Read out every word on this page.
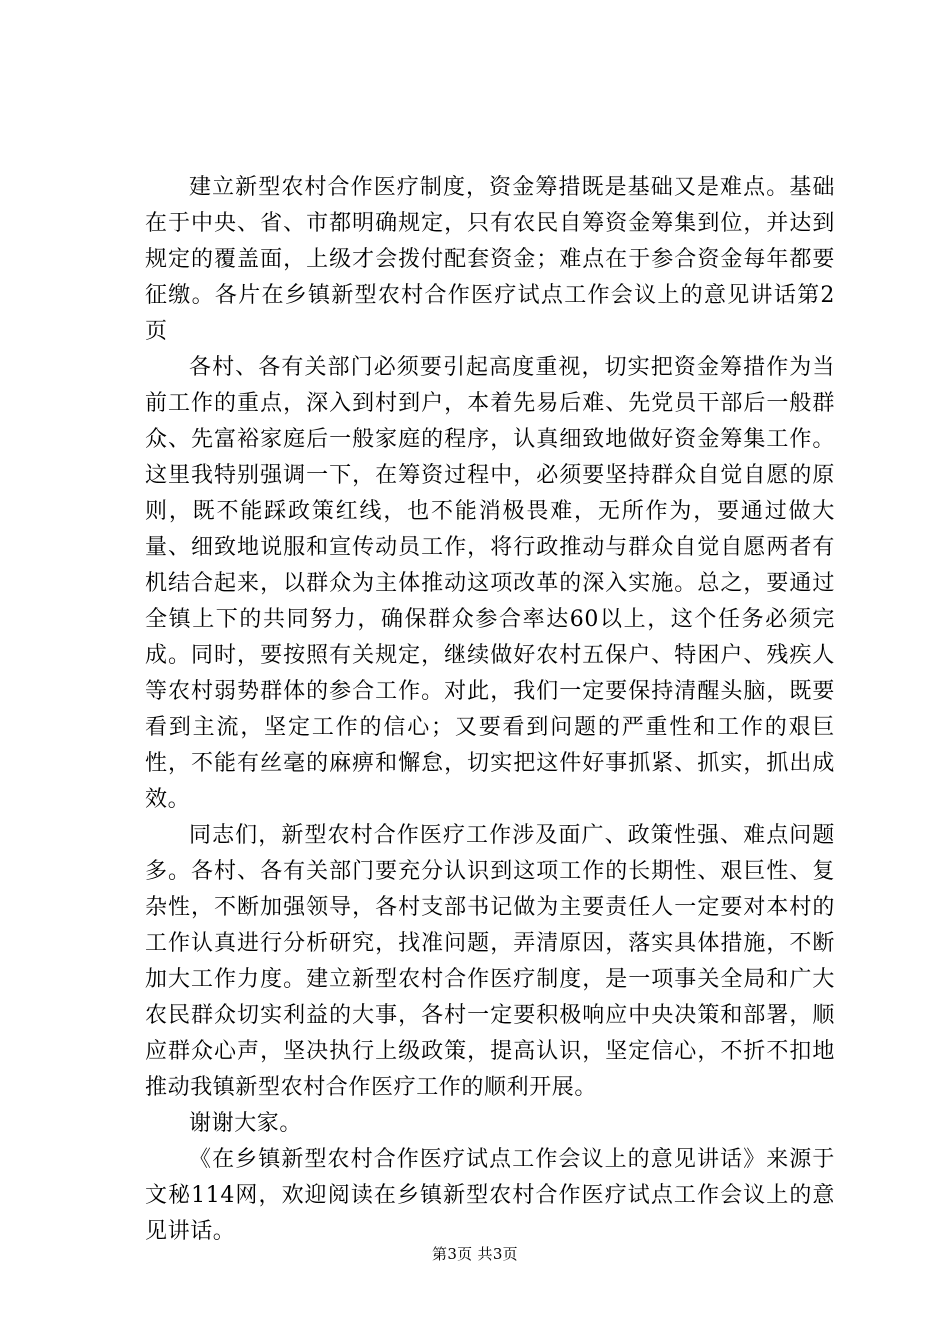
建立新型农村合作医疗制度，资金筹措既是基础又是难点。基础在于中央、省、市都明确规定，只有农民自筹资金筹集到位，并达到规定的覆盖面，上级才会拨付配套资金；难点在于参合资金每年都要征缴。各片在乡镇新型农村合作医疗试点工作会议上的意见讲话第2页

各村、各有关部门必须要引起高度重视，切实把资金筹措作为当前工作的重点，深入到村到户，本着先易后难、先党员干部后一般群众、先富裕家庭后一般家庭的程序，认真细致地做好资金筹集工作。这里我特别强调一下，在筹资过程中，必须要坚持群众自觉自愿的原则，既不能踩政策红线，也不能消极畏难，无所作为，要通过做大量、细致地说服和宣传动员工作，将行政推动与群众自觉自愿两者有机结合起来，以群众为主体推动这项改革的深入实施。总之，要通过全镇上下的共同努力，确保群众参合率达60以上，这个任务必须完成。同时，要按照有关规定，继续做好农村五保户、特困户、残疾人等农村弱势群体的参合工作。对此，我们一定要保持清醒头脑，既要看到主流，坚定工作的信心；又要看到问题的严重性和工作的艰巨性，不能有丝毫的麻痹和懈怠，切实把这件好事抓紧、抓实，抓出成效。

同志们，新型农村合作医疗工作涉及面广、政策性强、难点问题多。各村、各有关部门要充分认识到这项工作的长期性、艰巨性、复杂性，不断加强领导，各村支部书记做为主要责任人一定要对本村的工作认真进行分析研究，找准问题，弄清原因，落实具体措施，不断加大工作力度。建立新型农村合作医疗制度，是一项事关全局和广大农民群众切实利益的大事，各村一定要积极响应中央决策和部署，顺应群众心声，坚决执行上级政策，提高认识，坚定信心，不折不扣地推动我镇新型农村合作医疗工作的顺利开展。

谢谢大家。

《在乡镇新型农村合作医疗试点工作会议上的意见讲话》来源于文秘114网，欢迎阅读在乡镇新型农村合作医疗试点工作会议上的意见讲话。

第3页 共3页
